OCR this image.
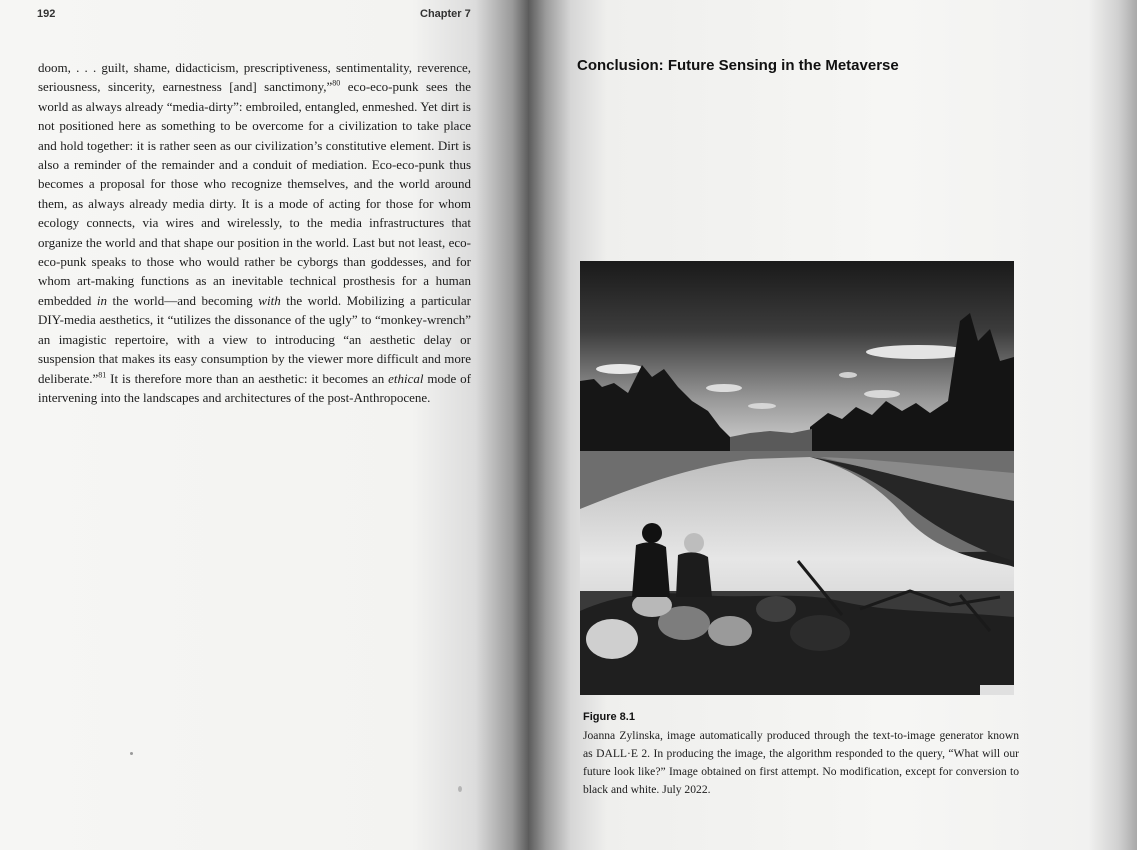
192	Chapter 7

doom, . . . guilt, shame, didacticism, prescriptiveness, sentimentality, reverence, seriousness, sincerity, earnestness [and] sanctimony,”$^{80}$ eco-eco-punk sees the world as always already “media-dirty”: embroiled, entangled, enmeshed. Yet dirt is not positioned here as something to be overcome for a civilization to take place and hold together: it is rather seen as our civilization’s constitutive element. Dirt is also a reminder of the remainder and a conduit of mediation. Eco-eco-punk thus becomes a proposal for those who recognize themselves, and the world around them, as always already media dirty. It is a mode of acting for those for whom ecology connects, via wires and wirelessly, to the media infrastructures that organize the world and that shape our position in the world. Last but not least, eco-eco-punk speaks to those who would rather be cyborgs than goddesses, and for whom art-making functions as an inevitable technical prosthesis for a human embedded in the world—and becoming with the world. Mobilizing a particular DIY-media aesthetics, it “utilizes the dissonance of the ugly” to “monkey-wrench” an imagistic repertoire, with a view to introducing “an aesthetic delay or suspension that makes its easy consumption by the viewer more difficult and more deliberate.”$^{81}$ It is therefore more than an aesthetic: it becomes an ethical mode of intervening into the landscapes and architectures of the post-Anthropocene.

Conclusion: Future Sensing in the Metaverse
Figure 8.1

Joanna Zylinska, image automatically produced through the text-to-image generator known as DALL·E 2. In producing the image, the algorithm responded to the query, “What will our future look like?” Image obtained on first attempt. No modification, except for conversion to black and white. July 2022.
